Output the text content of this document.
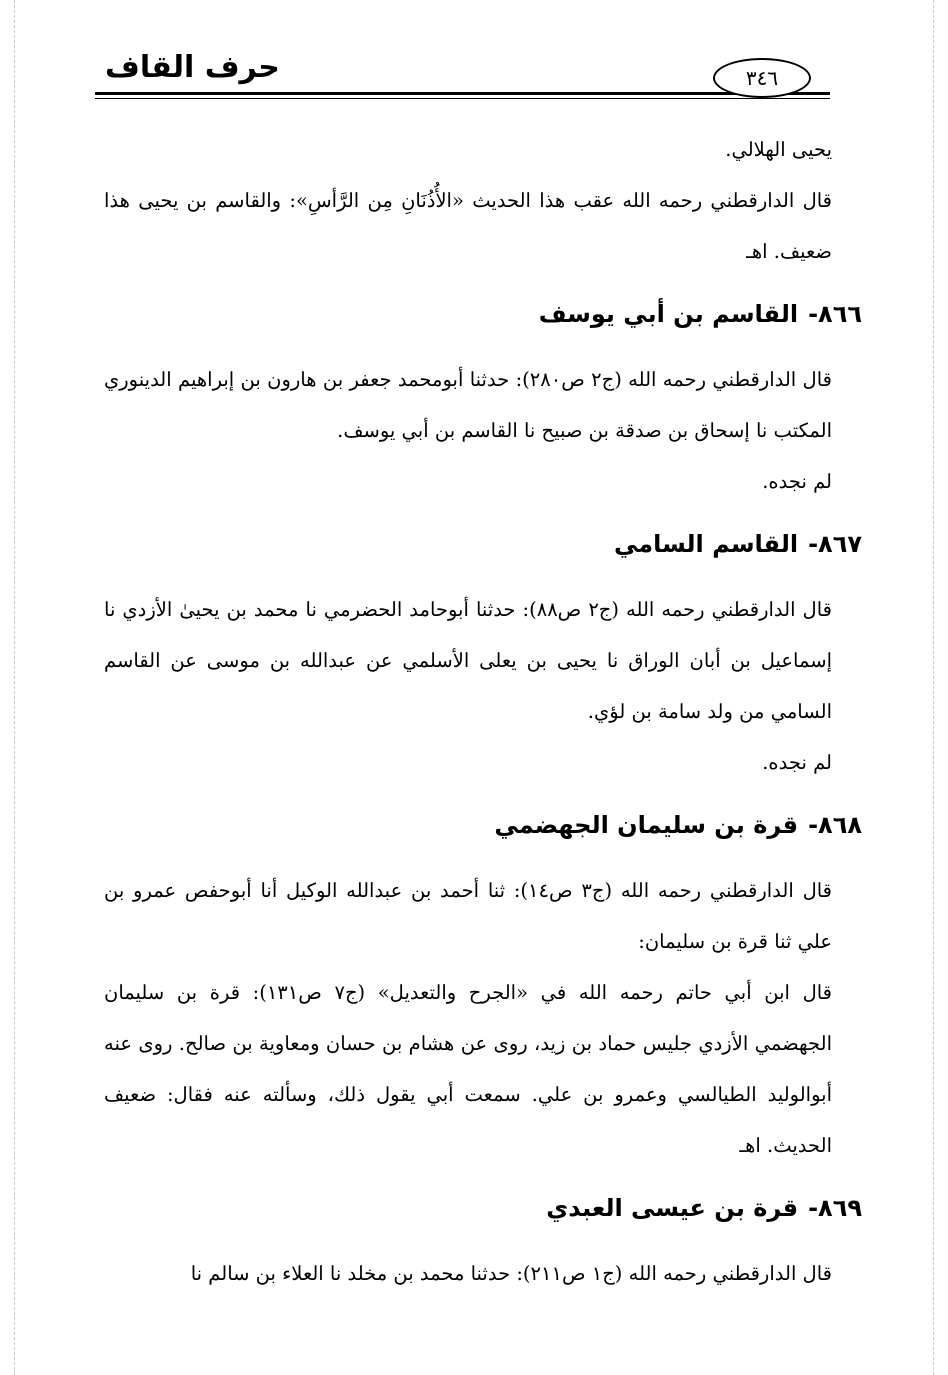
حرف القاف	٣٤٦

يحيى الهلالي.

قال الدارقطني رحمه الله عقب هذا الحديث «الأُذُنَانِ مِن الرَّأسِ»: والقاسم بن يحيى هذا ضعيف. اهـ

٨٦٦-القاسم بن أبي يوسف

قال الدارقطني رحمه الله (ج٢ ص٢٨٠): حدثنا أبومحمد جعفر بن هارون بن إبراهيم الدينوري المكتب نا إسحاق بن صدقة بن صبيح نا القاسم بن أبي يوسف.

لم نجده.

٨٦٧-القاسم السامي

قال الدارقطني رحمه الله (ج٢ ص٨٨): حدثنا أبوحامد الحضرمي نا محمد بن يحيىٰ الأزدي نا إسماعيل بن أبان الوراق نا يحيى بن يعلى الأسلمي عن عبدالله بن موسى عن القاسم السامي من ولد سامة بن لؤي.

لم نجده.

٨٦٨-قرة بن سليمان الجهضمي

قال الدارقطني رحمه الله (ج٣ ص١٤): ثنا أحمد بن عبدالله الوكيل أنا أبوحفص عمرو بن علي ثنا قرة بن سليمان:

قال ابن أبي حاتم رحمه الله في «الجرح والتعديل» (ج٧ ص١٣١): قرة بن سليمان الجهضمي الأزدي جليس حماد بن زيد، روى عن هشام بن حسان ومعاوية بن صالح. روى عنه أبوالوليد الطيالسي وعمرو بن علي. سمعت أبي يقول ذلك، وسألته عنه فقال: ضعيف الحديث. اهـ

٨٦٩-قرة بن عيسى العبدي

قال الدارقطني رحمه الله (ج١ ص٢١١): حدثنا محمد بن مخلد نا العلاء بن سالم نا
